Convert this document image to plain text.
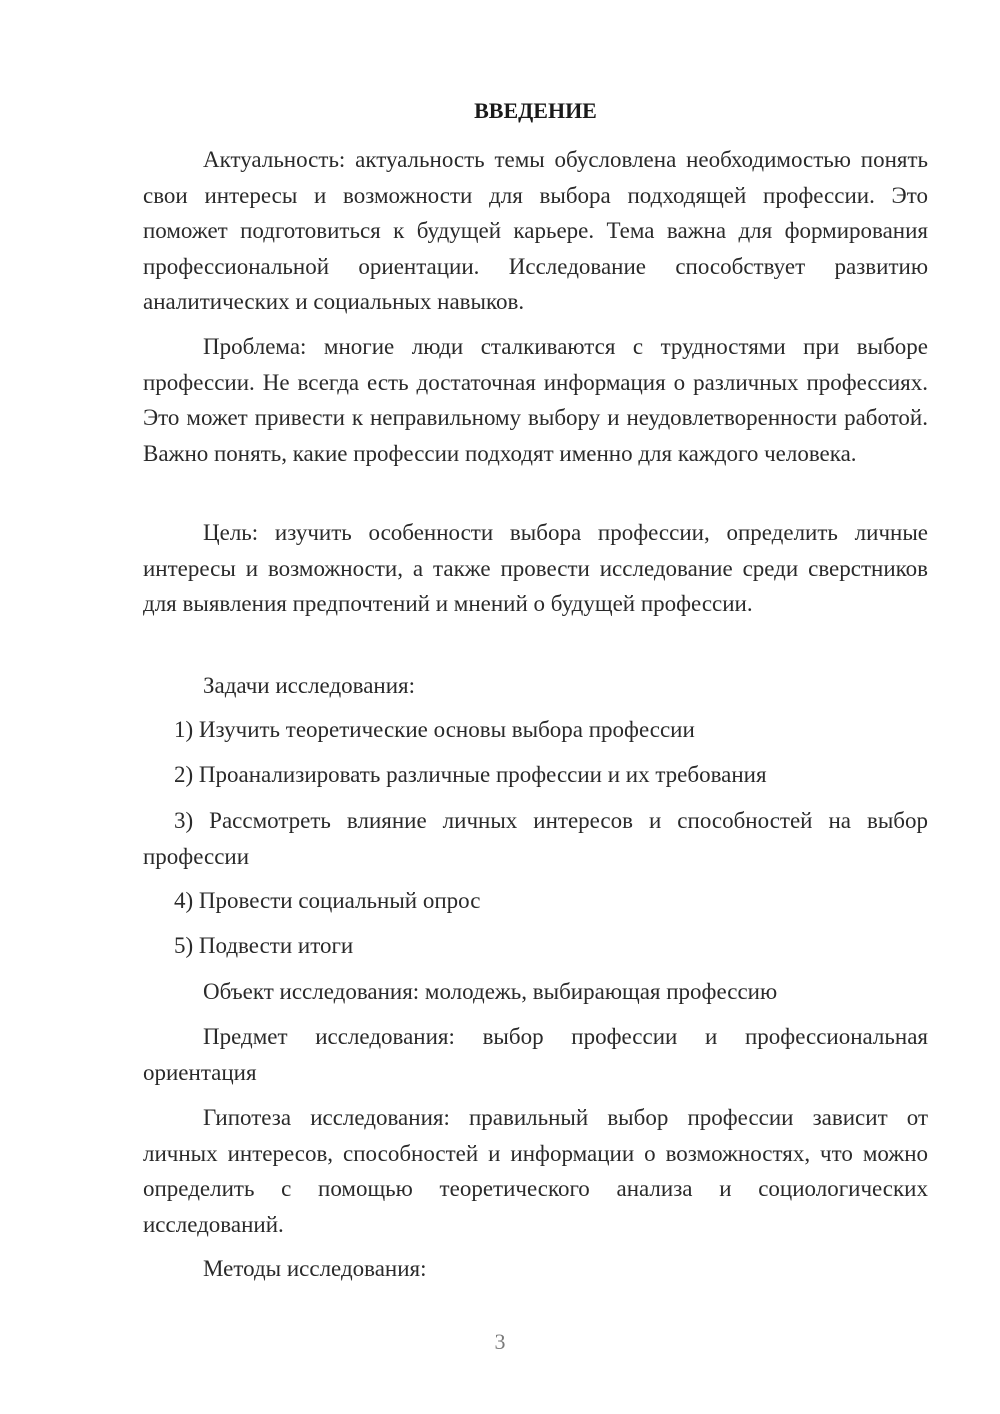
ВВЕДЕНИЕ

Актуальность: актуальность темы обусловлена необходимостью понять свои интересы и возможности для выбора подходящей профессии. Это поможет подготовиться к будущей карьере. Тема важна для формирования профессиональной ориентации. Исследование способствует развитию аналитических и социальных навыков.

Проблема: многие люди сталкиваются с трудностями при выборе профессии. Не всегда есть достаточная информация о различных профессиях. Это может привести к неправильному выбору и неудовлетворенности работой. Важно понять, какие профессии подходят именно для каждого человека.

Цель: изучить особенности выбора профессии, определить личные интересы и возможности, а также провести исследование среди сверстников для выявления предпочтений и мнений о будущей профессии.

Задачи исследования:

1) Изучить теоретические основы выбора профессии

2) Проанализировать различные профессии и их требования

3) Рассмотреть влияние личных интересов и способностей на выбор профессии

4) Провести социальный опрос

5) Подвести итоги

Объект исследования: молодежь, выбирающая профессию

Предмет исследования: выбор профессии и профессиональная ориентация

Гипотеза исследования: правильный выбор профессии зависит от личных интересов, способностей и информации о возможностях, что можно определить с помощью теоретического анализа и социологических исследований.

Методы исследования:

3
